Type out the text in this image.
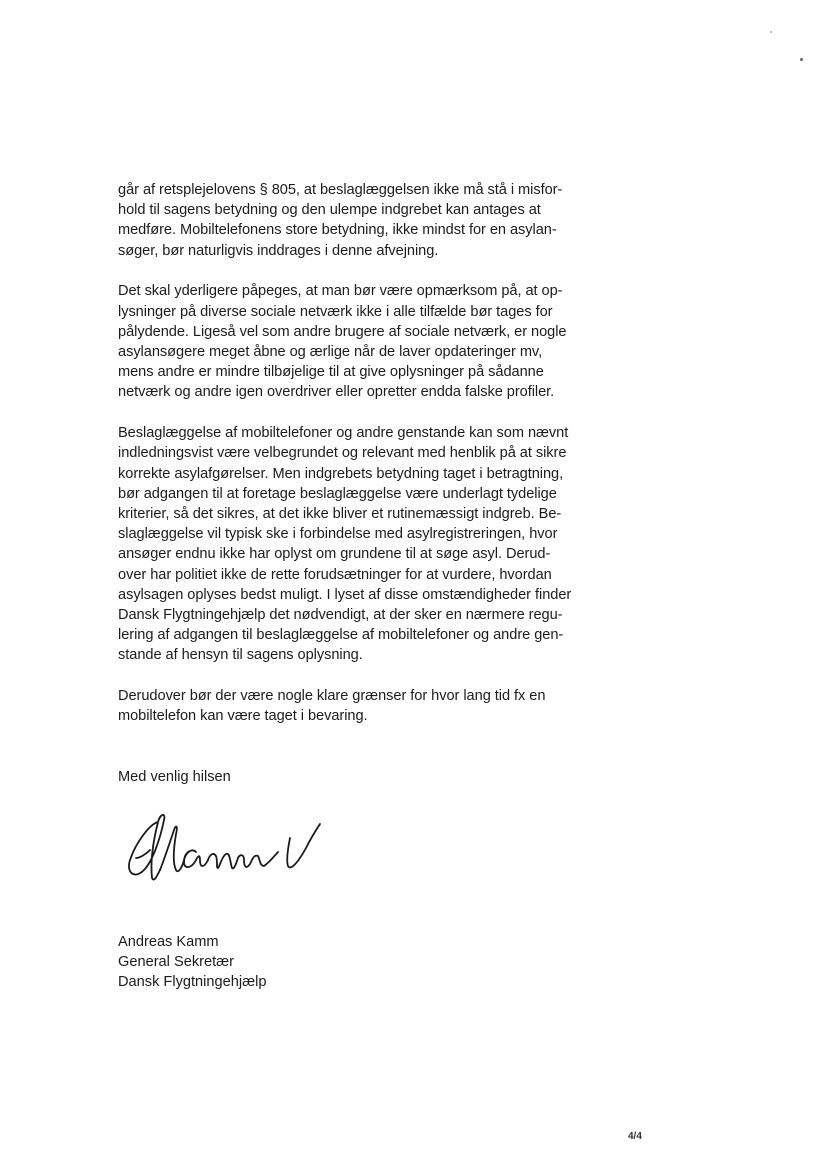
går af retsplejelovens § 805, at beslaglæggelsen ikke må stå i misfor-
hold til sagens betydning og den ulempe indgrebet kan antages at
medføre. Mobiltelefonens store betydning, ikke mindst for en asylan-
søger, bør naturligvis inddrages i denne afvejning.

Det skal yderligere påpeges, at man bør være opmærksom på, at op-
lysninger på diverse sociale netværk ikke i alle tilfælde bør tages for
pålydende. Ligeså vel som andre brugere af sociale netværk, er nogle
asylansøgere meget åbne og ærlige når de laver opdateringer mv,
mens andre er mindre tilbøjelige til at give oplysninger på sådanne
netværk og andre igen overdriver eller opretter endda falske profiler.

Beslaglæggelse af mobiltelefoner og andre genstande kan som nævnt
indledningsvist være velbegrundet og relevant med henblik på at sikre
korrekte asylafgørelser. Men indgrebets betydning taget i betragtning,
bør adgangen til at foretage beslaglæggelse være underlagt tydelige
kriterier, så det sikres, at det ikke bliver et rutinemæssigt indgreb. Be-
slaglæggelse vil typisk ske i forbindelse med asylregistreringen, hvor
ansøger endnu ikke har oplyst om grundene til at søge asyl. Derud-
over har politiet ikke de rette forudsætninger for at vurdere, hvordan
asylsagen oplyses bedst muligt. I lyset af disse omstændigheder finder
Dansk Flygtningehjælp det nødvendigt, at der sker en nærmere regu-
lering af adgangen til beslaglæggelse af mobiltelefoner og andre gen-
stande af hensyn til sagens oplysning.

Derudover bør der være nogle klare grænser for hvor lang tid fx en
mobiltelefon kan være taget i bevaring.

Med venlig hilsen
Andreas Kamm
General Sekretær
Dansk Flygtningehjælp
4/4
